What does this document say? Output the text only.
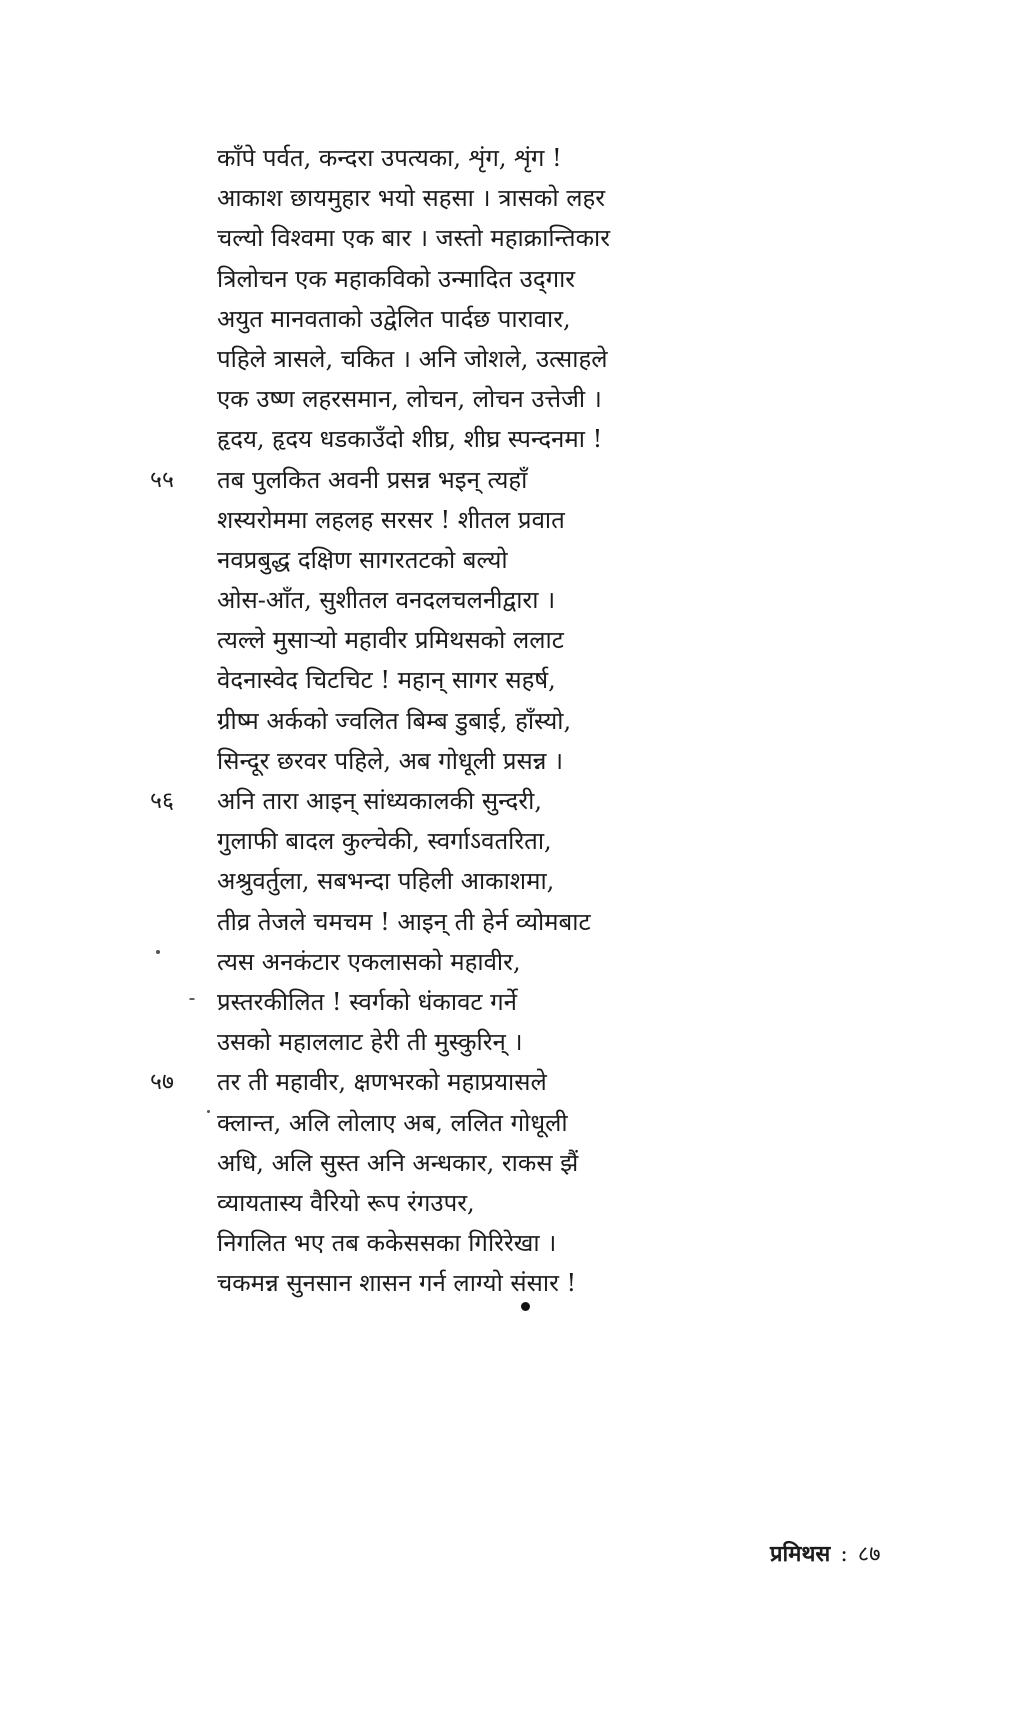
काँपे पर्वत, कन्दरा उपत्यका, शृंग, शृंग !
आकाश छायमुहार भयो सहसा । त्रासको लहर
चल्यो विश्वमा एक बार । जस्तो महाक्रान्तिकार
त्रिलोचन एक महाकविको उन्मादित उद्‌गार
अयुत मानवताको उद्वेलित पार्दछ पारावार,
पहिले त्रासले, चकित । अनि जोशले, उत्साहले
एक उष्ण लहरसमान, लोचन, लोचन उत्तेजी ।
हृदय, हृदय धडकाउँदो शीघ्र, शीघ्र स्पन्दनमा !
५५ तब पुलकित अवनी प्रसन्न भइन् त्यहाँ
शस्यरोममा लहलह सरसर ! शीतल प्रवात
नवप्रबुद्ध दक्षिण सागरतटको बल्यो
ओस-आँत, सुशीतल वनदलचलनीद्वारा ।
त्यल्ले मुसाऱ्यो महावीर प्रमिथसको ललाट
वेदनास्वेद चिटचिट ! महान् सागर सहर्ष,
ग्रीष्म अर्कको ज्वलित बिम्ब डुबाई, हाँस्यो,
सिन्दूर छरवर पहिले, अब गोधूली प्रसन्न ।
५६ अनि तारा आइन् सांध्यकालकी सुन्दरी,
गुलाफी बादल कुल्चेकी, स्वर्गाऽवतरिता,
अश्रुवर्तुला, सबभन्दा पहिली आकाशमा,
तीव्र तेजले चमचम ! आइन् ती हेर्न व्योमबाट
त्यस अनकंटार एकलासको महावीर,
प्रस्तरकीलित ! स्वर्गको धंकावट गर्ने
उसको महाललाट हेरी ती मुस्कुरिन् ।
५७ तर ती महावीर, क्षणभरको महाप्रयासले
क्लान्त, अलि लोलाए अब, ललित गोधूली
अधि, अलि सुस्त अनि अन्धकार, राकस झैं
व्यायतास्य वैरियो रूप रंगउपर,
निगलित भए तब ककेससका गिरिरेखा ।
चकमन्न सुनसान शासन गर्न लाग्यो संसार !
प्रमिथस : ८७
